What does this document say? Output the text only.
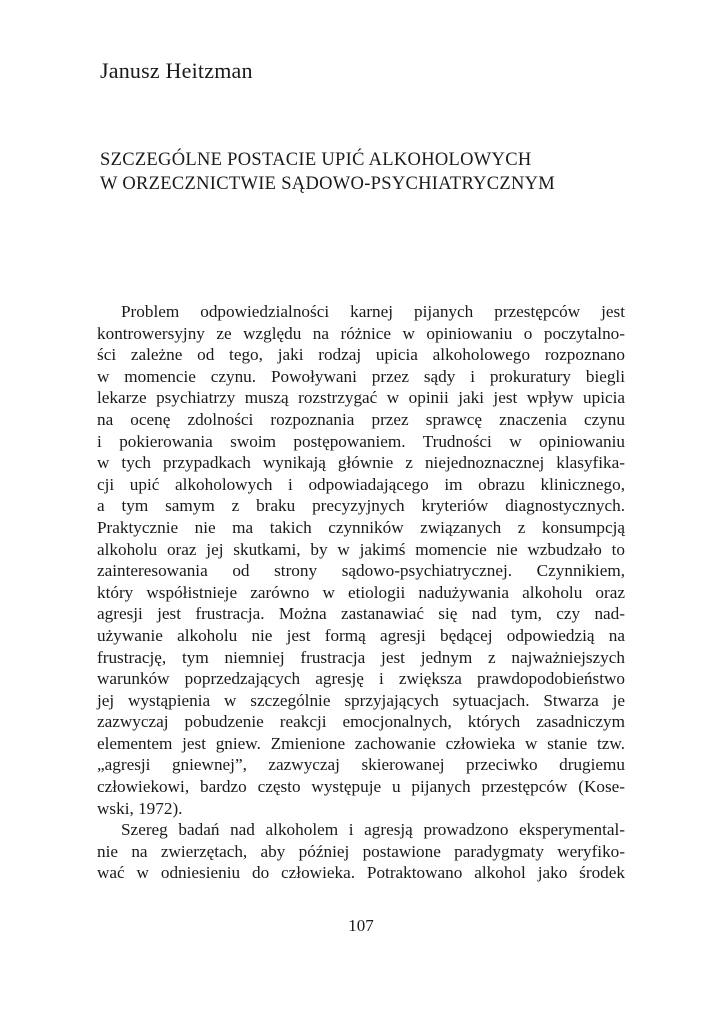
Janusz Heitzman
SZCZEGÓLNE POSTACIE UPIĆ ALKOHOLOWYCH
W ORZECZNICTWIE SĄDOWO-PSYCHIATRYCZNYM
Problem odpowiedzialności karnej pijanych przestępców jest
kontrowersyjny ze względu na różnice w opiniowaniu o poczytalno-
ści zależne od tego, jaki rodzaj upicia alkoholowego rozpoznano
w momencie czynu. Powoływani przez sądy i prokuratury biegli
lekarze psychiatrzy muszą rozstrzygać w opinii jaki jest wpływ upicia
na ocenę zdolności rozpoznania przez sprawcę znaczenia czynu
i pokierowania swoim postępowaniem. Trudności w opiniowaniu
w tych przypadkach wynikają głównie z niejednoznacznej klasyfika-
cji upić alkoholowych i odpowiadającego im obrazu klinicznego,
a tym samym z braku precyzyjnych kryteriów diagnostycznych.
Praktycznie nie ma takich czynników związanych z konsumpcją
alkoholu oraz jej skutkami, by w jakimś momencie nie wzbudzało to
zainteresowania od strony sądowo-psychiatrycznej. Czynnikiem,
który współistnieje zarówno w etiologii nadużywania alkoholu oraz
agresji jest frustracja. Można zastanawiać się nad tym, czy nad-
używanie alkoholu nie jest formą agresji będącej odpowiedzią na
frustrację, tym niemniej frustracja jest jednym z najważniejszych
warunków poprzedzających agresję i zwiększa prawdopodobieństwo
jej wystąpienia w szczególnie sprzyjających sytuacjach. Stwarza je
zazwyczaj pobudzenie reakcji emocjonalnych, których zasadniczym
elementem jest gniew. Zmienione zachowanie człowieka w stanie tzw.
„agresji gniewnej”, zazwyczaj skierowanej przeciwko drugiemu
człowiekowi, bardzo często występuje u pijanych przestępców (Kose-
wski, 1972).
Szereg badań nad alkoholem i agresją prowadzono eksperymental-
nie na zwierzętach, aby później postawione paradygmaty weryfiko-
wać w odniesieniu do człowieka. Potraktowano alkohol jako środek
107
